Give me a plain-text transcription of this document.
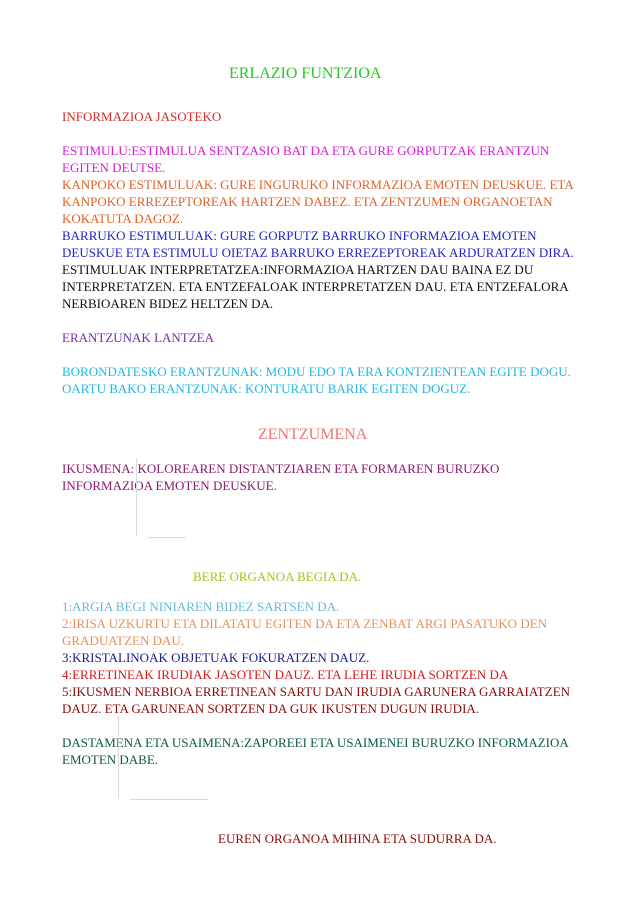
ERLAZIO FUNTZIOA
INFORMAZIOA JASOTEKO
ESTIMULU:ESTIMULUA SENTZASIO BAT DA ETA GURE GORPUTZAK ERANTZUN
EGITEN DEUTSE.
KANPOKO ESTIMULUAK: GURE INGURUKO INFORMAZIOA EMOTEN DEUSKUE. ETA
KANPOKO ERREZEPTOREAK HARTZEN DABEZ. ETA ZENTZUMEN ORGANOETAN
KOKATUTA DAGOZ.
BARRUKO ESTIMULUAK: GURE GORPUTZ BARRUKO INFORMAZIOA EMOTEN
DEUSKUE ETA ESTIMULU OIETAZ BARRUKO ERREZEPTOREAK ARDURATZEN DIRA.
ESTIMULUAK INTERPRETATZEA:INFORMAZIOA HARTZEN DAU BAINA EZ DU
INTERPRETATZEN. ETA ENTZEFALOAK INTERPRETATZEN DAU. ETA ENTZEFALORA
NERBIOAREN BIDEZ HELTZEN DA.
ERANTZUNAK LANTZEA
BORONDATESKO ERANTZUNAK: MODU EDO TA ERA KONTZIENTEAN EGITE DOGU.
OARTU BAKO ERANTZUNAK: KONTURATU BARIK EGITEN DOGUZ.
ZENTZUMENA
IKUSMENA: KOLOREAREN DISTANTZIAREN ETA FORMAREN BURUZKO
INFORMAZIOA EMOTEN DEUSKUE.
BERE ORGANOA BEGIA DA.
1:ARGIA BEGI NINIAREN BIDEZ SARTSEN DA.
2:IRISA UZKURTU ETA DILATATU EGITEN DA ETA ZENBAT ARGI PASATUKO DEN
GRADUATZEN DAU.
3:KRISTALINOAK OBJETUAK FOKURATZEN DAUZ.
4:ERRETINEAK IRUDIAK JASOTEN DAUZ. ETA LEHE IRUDIA SORTZEN DA
5:IKUSMEN NERBIOA ERRETINEAN SARTU DAN IRUDIA GARUNERA GARRAIATZEN
DAUZ. ETA GARUNEAN SORTZEN DA GUK IKUSTEN DUGUN IRUDIA.
DASTAMENA ETA USAIMENA:ZAPOREEI ETA USAIMENEI BURUZKO INFORMAZIOA
EMOTEN DABE.
EUREN ORGANOA MIHINA ETA SUDURRA DA.
